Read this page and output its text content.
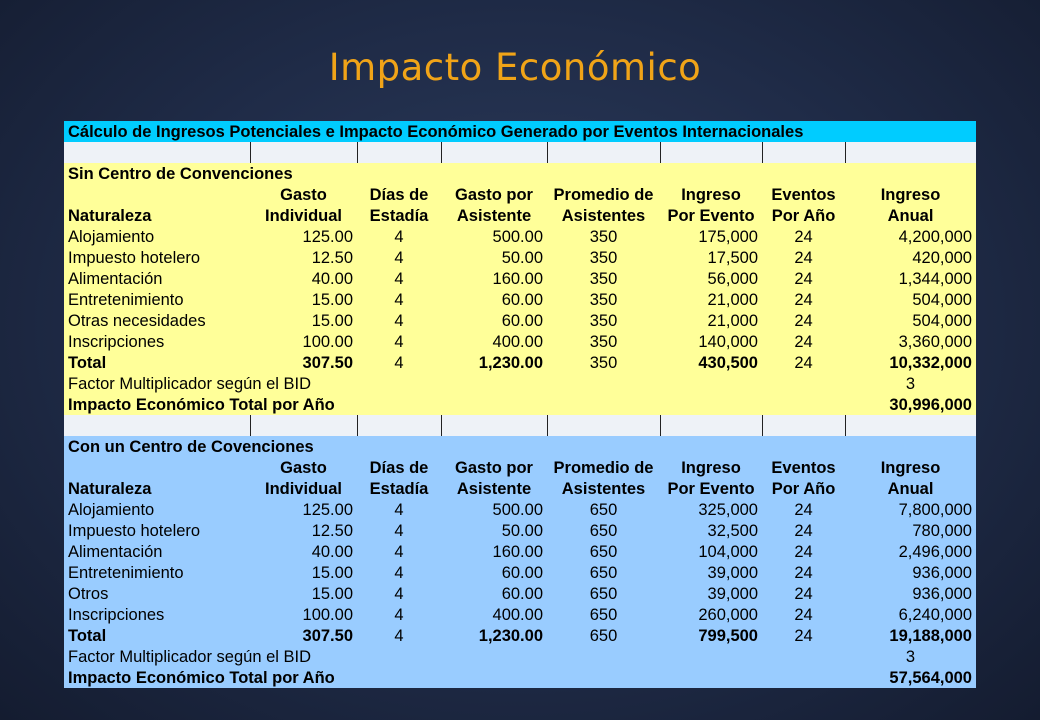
Impacto Económico
Cálculo de Ingresos Potenciales e Impacto Económico Generado por Eventos Internacionales							

Sin Centro de Convenciones							
	Gasto	Días de	Gasto por	Promedio de	Ingreso	Eventos	Ingreso
Naturaleza	Individual	Estadía	Asistente	Asistentes	Por Evento	Por Año	Anual
Alojamiento	125.00	4	500.00	350	175,000	24	4,200,000
Impuesto hotelero	12.50	4	50.00	350	17,500	24	420,000
Alimentación	40.00	4	160.00	350	56,000	24	1,344,000
Entretenimiento	15.00	4	60.00	350	21,000	24	504,000
Otras necesidades	15.00	4	60.00	350	21,000	24	504,000
Inscripciones	100.00	4	400.00	350	140,000	24	3,360,000
Total	307.50	4	1,230.00	350	430,500	24	10,332,000
Factor Multiplicador según el BID							3
Impacto Económico Total por Año							30,996,000

Con un Centro de Covenciones							
	Gasto	Días de	Gasto por	Promedio de	Ingreso	Eventos	Ingreso
Naturaleza	Individual	Estadía	Asistente	Asistentes	Por Evento	Por Año	Anual
Alojamiento	125.00	4	500.00	650	325,000	24	7,800,000
Impuesto hotelero	12.50	4	50.00	650	32,500	24	780,000
Alimentación	40.00	4	160.00	650	104,000	24	2,496,000
Entretenimiento	15.00	4	60.00	650	39,000	24	936,000
Otros	15.00	4	60.00	650	39,000	24	936,000
Inscripciones	100.00	4	400.00	650	260,000	24	6,240,000
Total	307.50	4	1,230.00	650	799,500	24	19,188,000
Factor Multiplicador según el BID							3
Impacto Económico Total por Año							57,564,000
